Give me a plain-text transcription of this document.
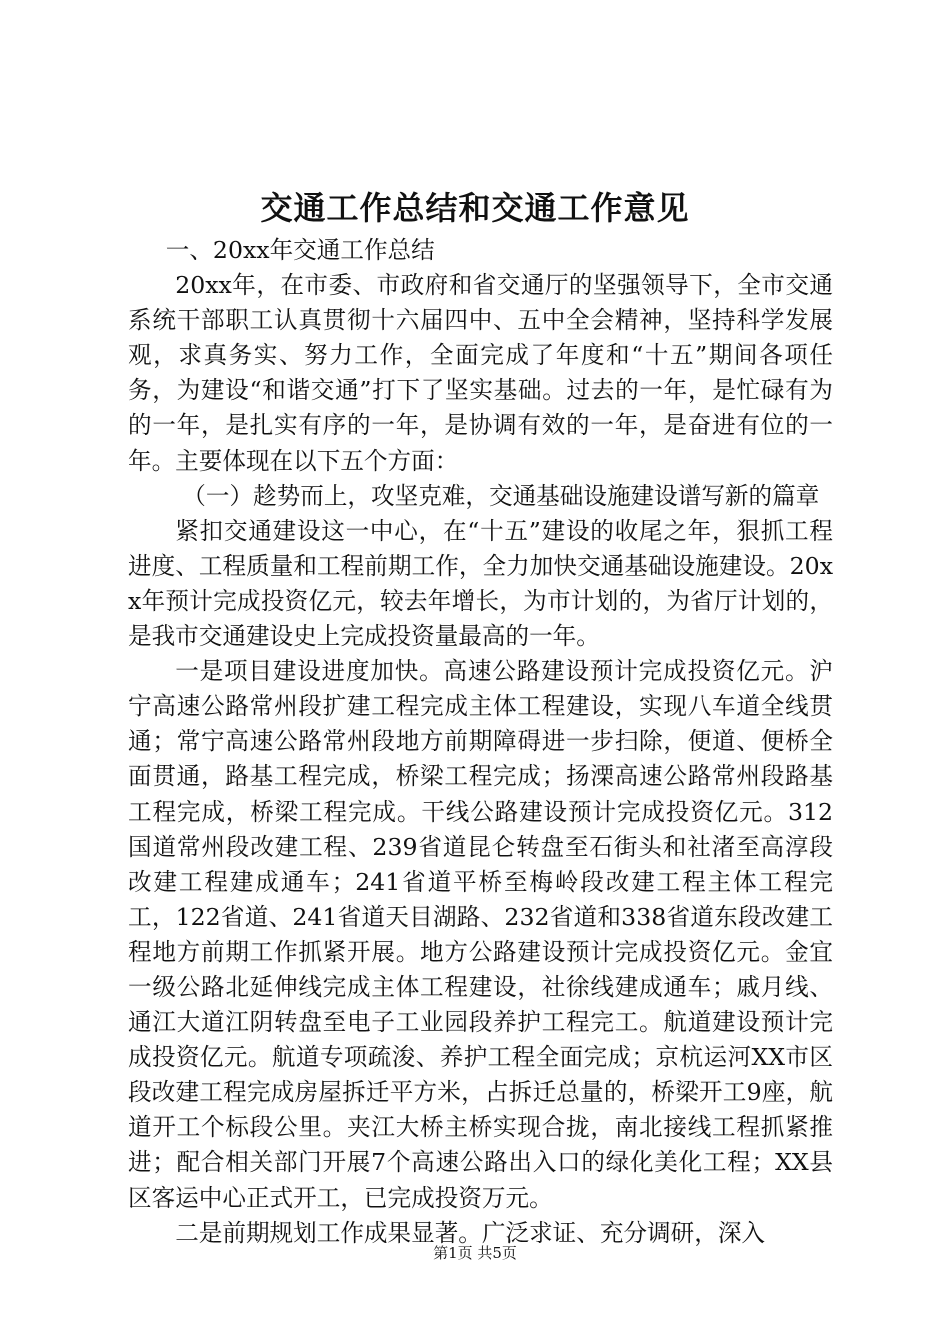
交通工作总结和交通工作意见

一、20xx年交通工作总结

20xx年，在市委、市政府和省交通厅的坚强领导下，全市交通系统干部职工认真贯彻十六届四中、五中全会精神，坚持科学发展观，求真务实、努力工作，全面完成了年度和“十五”期间各项任务，为建设“和谐交通”打下了坚实基础。过去的一年，是忙碌有为的一年，是扎实有序的一年，是协调有效的一年，是奋进有位的一年。主要体现在以下五个方面：

（一）趁势而上，攻坚克难，交通基础设施建设谱写新的篇章

紧扣交通建设这一中心，在“十五”建设的收尾之年，狠抓工程进度、工程质量和工程前期工作，全力加快交通基础设施建设。20xx年预计完成投资亿元，较去年增长，为市计划的，为省厅计划的，是我市交通建设史上完成投资量最高的一年。

一是项目建设进度加快。高速公路建设预计完成投资亿元。沪宁高速公路常州段扩建工程完成主体工程建设，实现八车道全线贯通；常宁高速公路常州段地方前期障碍进一步扫除，便道、便桥全面贯通，路基工程完成，桥梁工程完成；扬溧高速公路常州段路基工程完成，桥梁工程完成。干线公路建设预计完成投资亿元。312国道常州段改建工程、239省道昆仑转盘至石街头和社渚至高淳段改建工程建成通车；241省道平桥至梅岭段改建工程主体工程完工，122省道、241省道天目湖路、232省道和338省道东段改建工程地方前期工作抓紧开展。地方公路建设预计完成投资亿元。金宜一级公路北延伸线完成主体工程建设，社徐线建成通车；戚月线、通江大道江阴转盘至电子工业园段养护工程完工。航道建设预计完成投资亿元。航道专项疏浚、养护工程全面完成；京杭运河XX市区段改建工程完成房屋拆迁平方米，占拆迁总量的，桥梁开工9座，航道开工个标段公里。夹江大桥主桥实现合拢，南北接线工程抓紧推进；配合相关部门开展7个高速公路出入口的绿化美化工程；XX县区客运中心正式开工，已完成投资万元。

二是前期规划工作成果显著。广泛求证、充分调研，深入

第1页 共5页
